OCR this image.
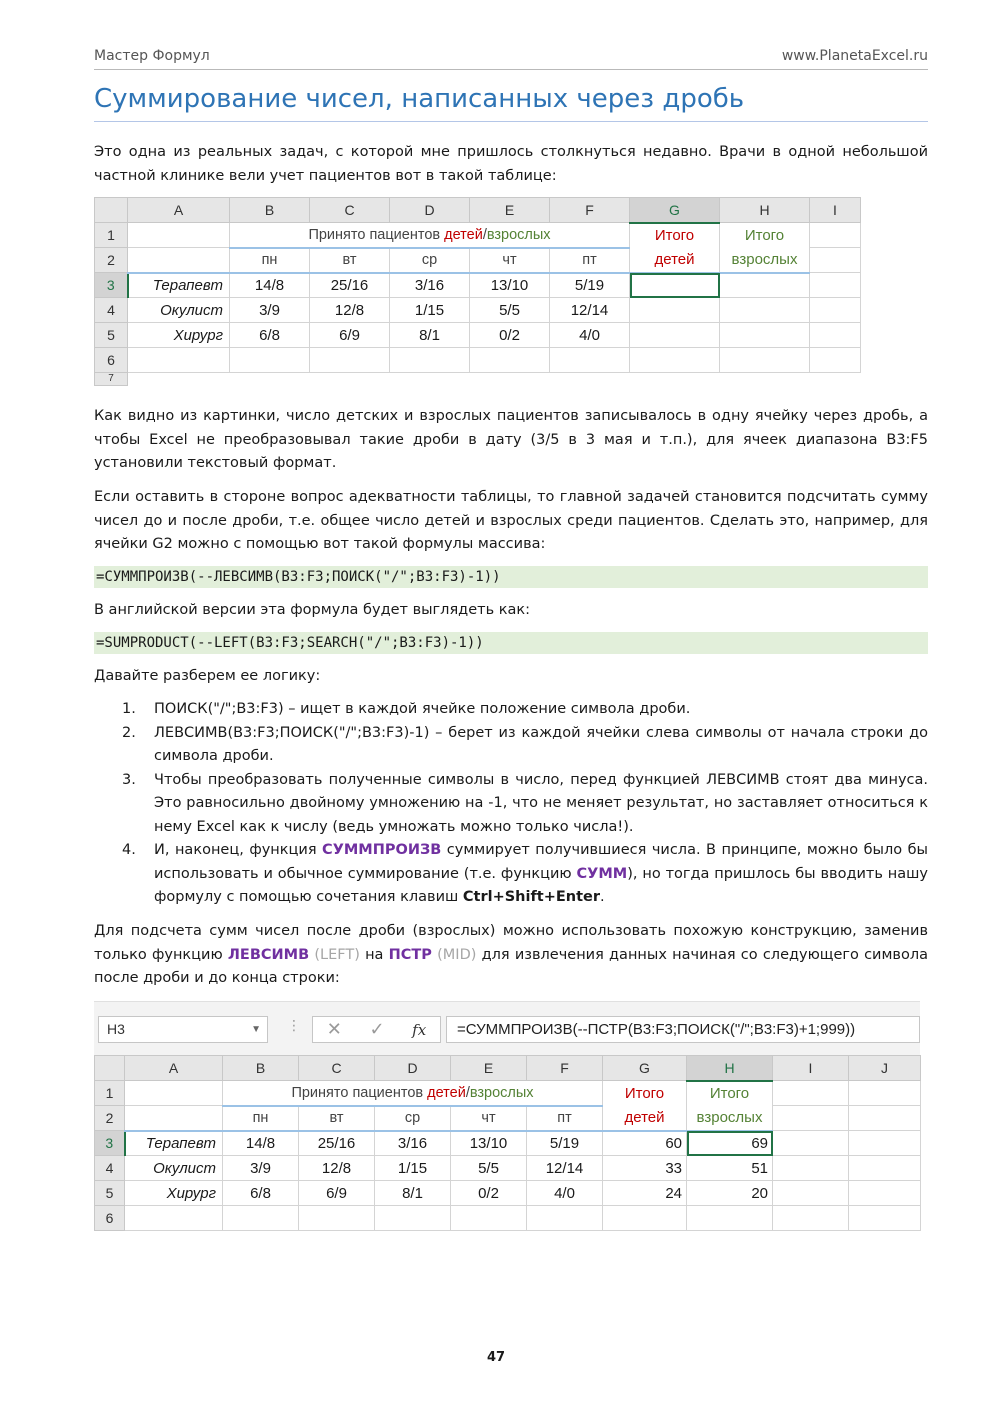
Мастер Формул	www.PlanetaExcel.ru
Суммирование чисел, написанных через дробь

Это одна из реальных задач, с которой мне пришлось столкнуться недавно. Врачи в одной небольшой частной клинике вели учет пациентов вот в такой таблице:

	A	B	C	D	E	F	G	H	I
1		Принято пациентов детей/взрослых					Итого	Итого	
2		пн	вт	ср	чт	пт	детей	взрослых	
3	Терапевт	14/8	25/16	3/16	13/10	5/19			
4	Окулист	3/9	12/8	1/15	5/5	12/14			
5	Хирург	6/8	6/9	8/1	0/2	4/0			
6									
7									

Как видно из картинки, число детских и взрослых пациентов записывалось в одну ячейку через дробь, а чтобы Excel не преобразовывал такие дроби в дату (3/5 в 3 мая и т.п.), для ячеек диапазона B3:F5 установили текстовый формат.

Если оставить в стороне вопрос адекватности таблицы, то главной задачей становится подсчитать сумму чисел до и после дроби, т.е. общее число детей и взрослых среди пациентов. Сделать это, например, для ячейки G2 можно с помощью вот такой формулы массива:

=СУММПРОИЗВ(--ЛЕВСИМВ(B3:F3;ПОИСК("/";B3:F3)-1))

В английской версии эта формула будет выглядеть как:

=SUMPRODUCT(--LEFT(B3:F3;SEARCH("/";B3:F3)-1))

Давайте разберем ее логику:

1. ПОИСК("/";B3:F3) – ищет в каждой ячейке положение символа дроби.
2. ЛЕВСИМВ(B3:F3;ПОИСК("/";B3:F3)-1) – берет из каждой ячейки слева символы от начала строки до символа дроби.
3. Чтобы преобразовать полученные символы в число, перед функцией ЛЕВСИМВ стоят два минуса. Это равносильно двойному умножению на -1, что не меняет результат, но заставляет относиться к нему Excel как к числу (ведь умножать можно только числа!).
4. И, наконец, функция СУММПРОИЗВ суммирует получившиеся числа. В принципе, можно было бы использовать и обычное суммирование (т.е. функцию СУММ), но тогда пришлось бы вводить нашу формулу с помощью сочетания клавиш Ctrl+Shift+Enter.

Для подсчета сумм чисел после дроби (взрослых) можно использовать похожую конструкцию, заменив только функцию ЛЕВСИМВ (LEFT) на ПСТР (MID) для извлечения данных начиная со следующего символа после дроби и до конца строки:

H3	▼ ⋮ ✕ ✓ fx	=СУММПРОИЗВ(--ПСТР(B3:F3;ПОИСК("/";B3:F3)+1;999))
	A	B	C	D	E	F	G	H	I	J
1		Принято пациентов детей/взрослых					Итого	Итого		
2		пн	вт	ср	чт	пт	детей	взрослых		
3	Терапевт	14/8	25/16	3/16	13/10	5/19	60	69		
4	Окулист	3/9	12/8	1/15	5/5	12/14	33	51		
5	Хирург	6/8	6/9	8/1	0/2	4/0	24	20		
6										
47
